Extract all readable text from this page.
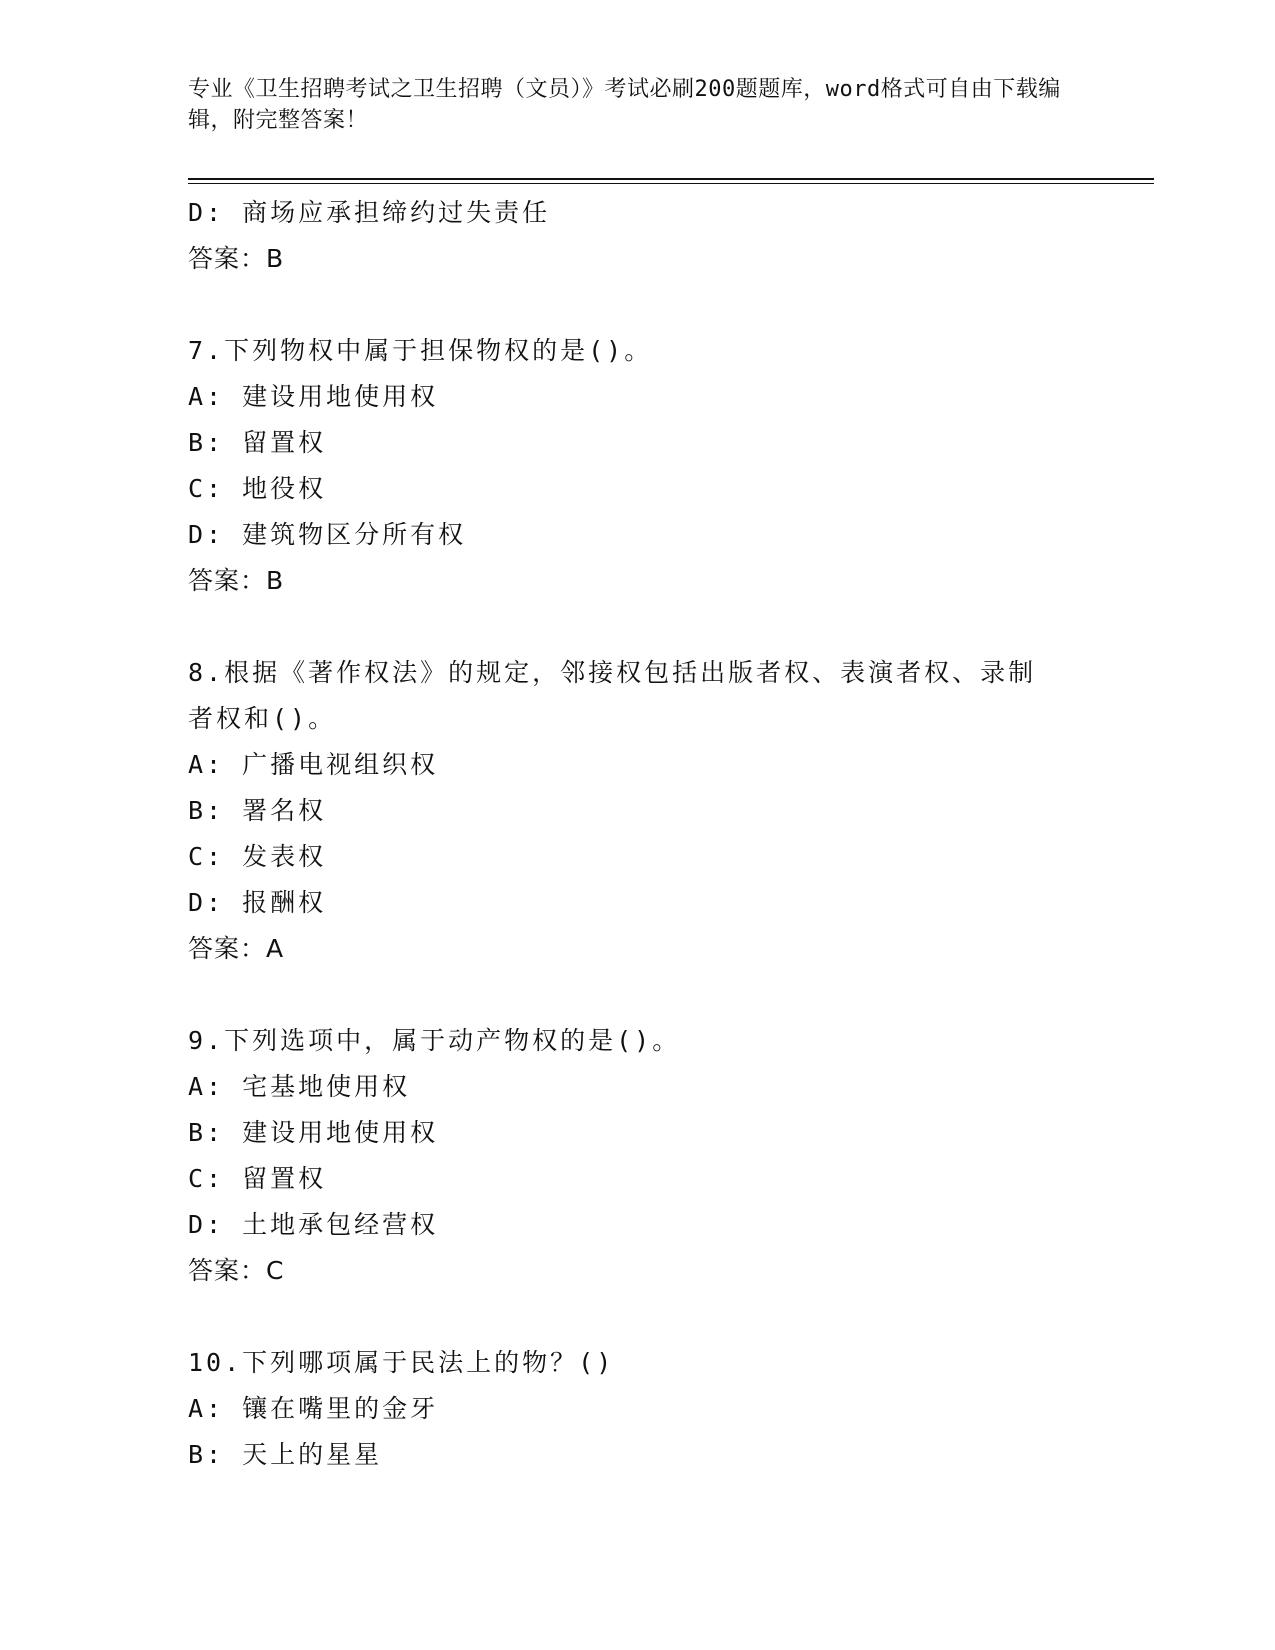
专业《卫生招聘考试之卫生招聘（文员）》考试必刷200题题库，word格式可自由下载编辑，附完整答案！

D: 商场应承担缔约过失责任

答案：B

7.下列物权中属于担保物权的是()。

A: 建设用地使用权

B: 留置权

C: 地役权

D: 建筑物区分所有权

答案：B

8.根据《著作权法》的规定，邻接权包括出版者权、表演者权、录制

者权和()。

A: 广播电视组织权

B: 署名权

C: 发表权

D: 报酬权

答案：A

9.下列选项中，属于动产物权的是()。

A: 宅基地使用权

B: 建设用地使用权

C: 留置权

D: 土地承包经营权

答案：C

10.下列哪项属于民法上的物？()

A: 镶在嘴里的金牙

B: 天上的星星
